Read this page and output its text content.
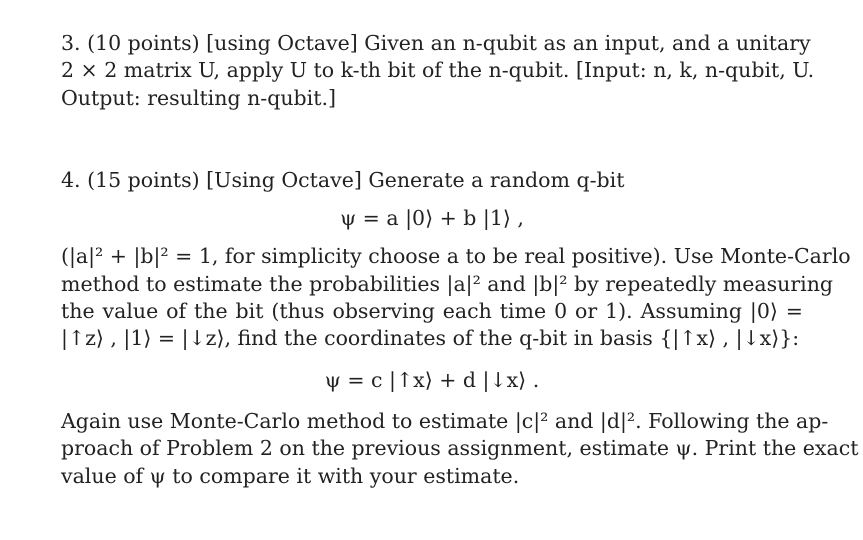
3. (10 points) [using Octave] Given an n-qubit as an input, and a unitary
2 × 2 matrix U, apply U to k-th bit of the n-qubit. [Input: n, k, n-qubit, U.
Output: resulting n-qubit.]
4. (15 points) [Using Octave] Generate a random q-bit
ψ = a |0⟩ + b |1⟩ ,
(|a|² + |b|² = 1, for simplicity choose a to be real positive). Use Monte-Carlo
method to estimate the probabilities |a|² and |b|² by repeatedly measuring
the value of the bit (thus observing each time 0 or 1). Assuming |0⟩ =
|↑z⟩ , |1⟩ = |↓z⟩, find the coordinates of the q-bit in basis {|↑x⟩ , |↓x⟩}:
ψ = c |↑x⟩ + d |↓x⟩ .
Again use Monte-Carlo method to estimate |c|² and |d|². Following the ap-
proach of Problem 2 on the previous assignment, estimate ψ. Print the exact
value of ψ to compare it with your estimate.
